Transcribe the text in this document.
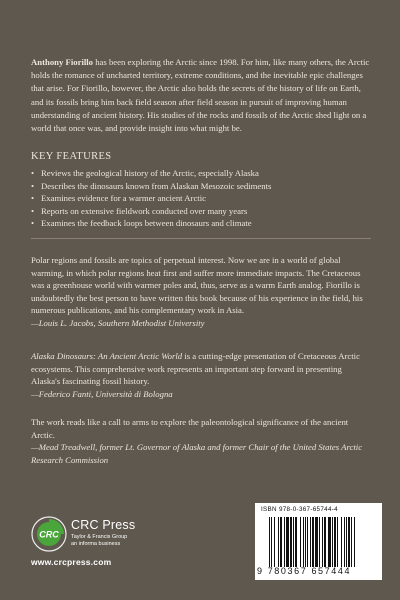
Anthony Fiorillo has been exploring the Arctic since 1998. For him, like many others, the Arctic holds the romance of uncharted territory, extreme conditions, and the inevitable epic challenges that arise. For Fiorillo, however, the Arctic also holds the secrets of the history of life on Earth, and its fossils bring him back field season after field season in pursuit of improving human understanding of ancient history. His studies of the rocks and fossils of the Arctic shed light on a world that once was, and provide insight into what might be.

KEY FEATURES
• Reviews the geological history of the Arctic, especially Alaska
• Describes the dinosaurs known from Alaskan Mesozoic sediments
• Examines evidence for a warmer ancient Arctic
• Reports on extensive fieldwork conducted over many years
• Examines the feedback loops between dinosaurs and climate

Polar regions and fossils are topics of perpetual interest. Now we are in a world of global warming, in which polar regions heat first and suffer more immediate impacts. The Cretaceous was a greenhouse world with warmer poles and, thus, serve as a warm Earth analog. Fiorillo is undoubtedly the best person to have written this book because of his experience in the field, his numerous publications, and his complementary work in Asia.
—Louis L. Jacobs, Southern Methodist University

Alaska Dinosaurs: An Ancient Arctic World is a cutting-edge presentation of Cretaceous Arctic ecosystems. This comprehensive work represents an important step forward in presenting Alaska's fascinating fossil history.
—Federico Fanti, Università di Bologna

The work reads like a call to arms to explore the paleontological significance of the ancient Arctic.
—Mead Treadwell, former Lt. Governor of Alaska and former Chair of the United States Arctic Research Commission

CRC
CRC Press
Taylor & Francis Group
an informa business
www.crcpress.com
ISBN 978-0-367-65744-4
9 780367 657444
